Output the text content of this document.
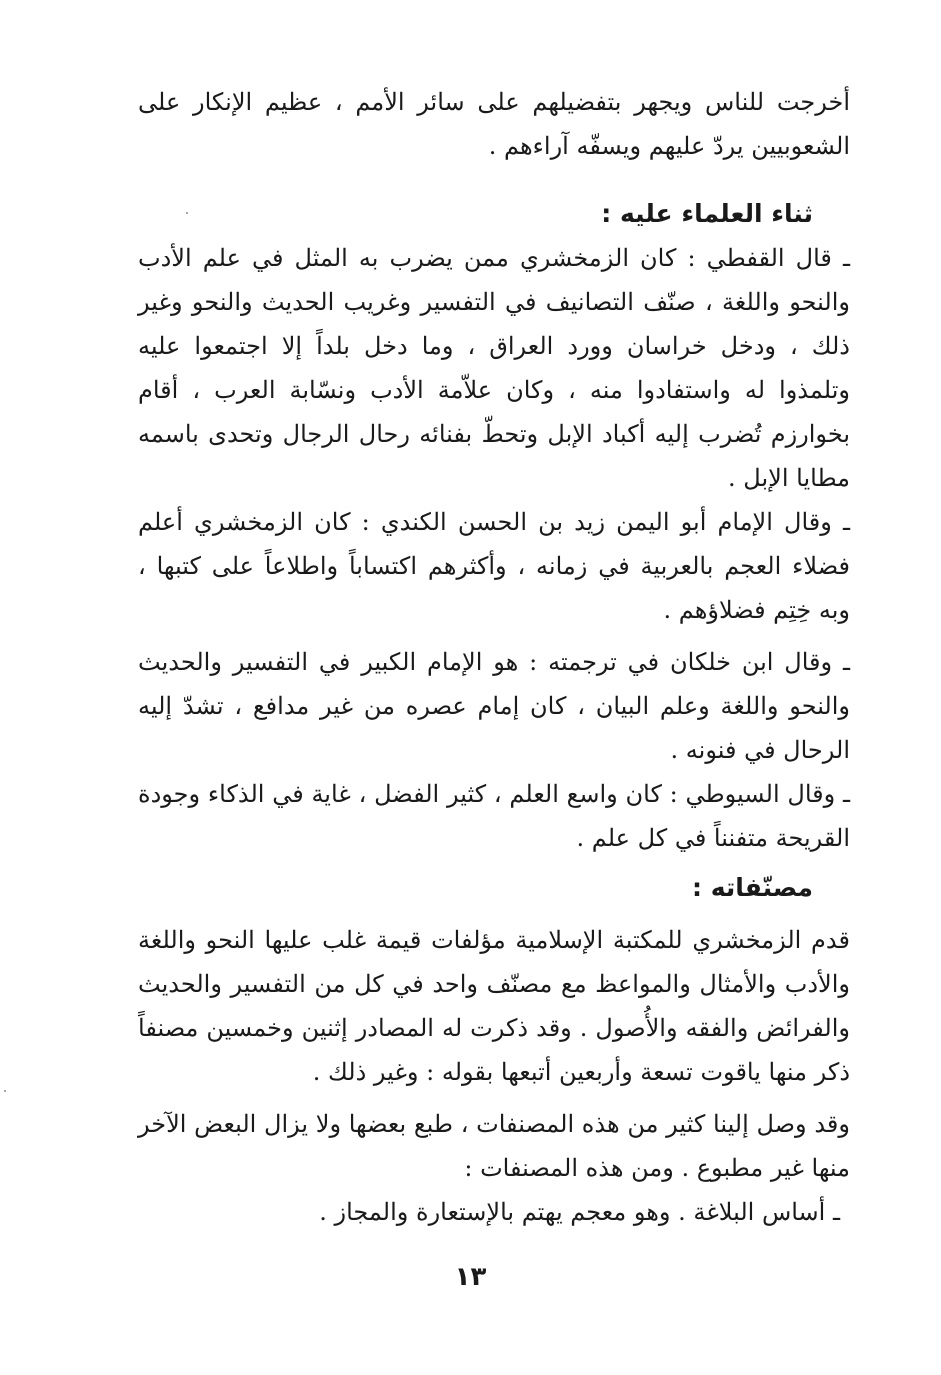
أخرجت للناس ويجهر بتفضيلهم على سائر الأمم ، عظيم الإنكار على الشعوبيين يردّ عليهم ويسفّه آراءهم .

ثناء العلماء عليه :

ـ قال القفطي : كان الزمخشري ممن يضرب به المثل في علم الأدب والنحو واللغة ، صنّف التصانيف في التفسير وغريب الحديث والنحو وغير ذلك ، ودخل خراسان وورد العراق ، وما دخل بلداً إلا اجتمعوا عليه وتلمذوا له واستفادوا منه ، وكان علاّمة الأدب ونسّابة العرب ، أقام بخوارزم تُضرب إليه أكباد الإبل وتحطّ بفنائه رحال الرجال وتحدى باسمه مطايا الإبل .

ـ وقال الإمام أبو اليمن زيد بن الحسن الكندي : كان الزمخشري أعلم فضلاء العجم بالعربية في زمانه ، وأكثرهم اكتساباً واطلاعاً على كتبها ، وبه خِتِم فضلاؤهم .

ـ وقال ابن خلكان في ترجمته : هو الإمام الكبير في التفسير والحديث والنحو واللغة وعلم البيان ، كان إمام عصره من غير مدافع ، تشدّ إليه الرحال في فنونه .

ـ وقال السيوطي : كان واسع العلم ، كثير الفضل ، غاية في الذكاء وجودة القريحة متفنناً في كل علم .

مصنّفاته :

قدم الزمخشري للمكتبة الإسلامية مؤلفات قيمة غلب عليها النحو واللغة والأدب والأمثال والمواعظ مع مصنّف واحد في كل من التفسير والحديث والفرائض والفقه والأُصول . وقد ذكرت له المصادر إثنين وخمسين مصنفاً ذكر منها ياقوت تسعة وأربعين أتبعها بقوله : وغير ذلك .

وقد وصل إلينا كثير من هذه المصنفات ، طبع بعضها ولا يزال البعض الآخر منها غير مطبوع . ومن هذه المصنفات :

ـ أساس البلاغة . وهو معجم يهتم بالإستعارة والمجاز .

١٣
